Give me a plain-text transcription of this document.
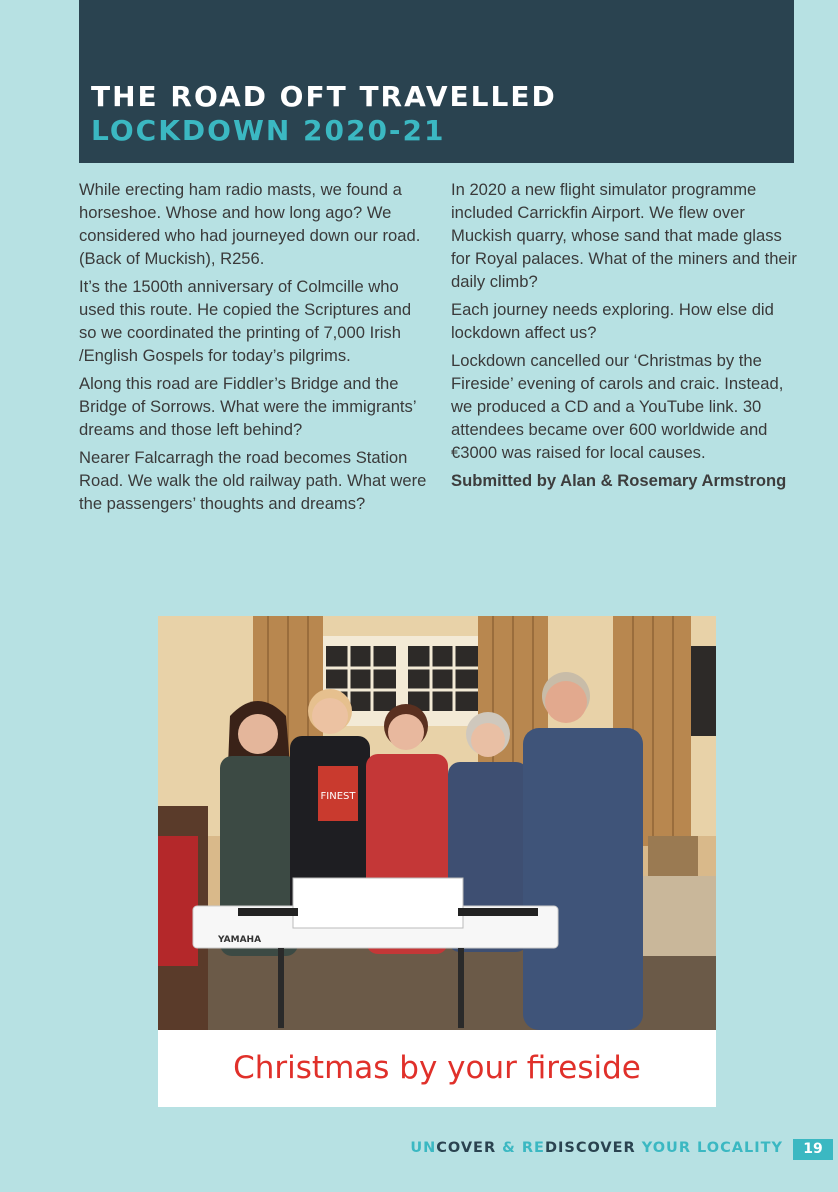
THE ROAD OFT TRAVELLED
LOCKDOWN 2020-21

While erecting ham radio masts, we found a horseshoe. Whose and how long ago? We considered who had journeyed down our road. (Back of Muckish), R256.

It’s the 1500th anniversary of Colmcille who used this route. He copied the Scriptures and so we coordinated the printing of 7,000 Irish /English Gospels for today’s pilgrims.

Along this road are Fiddler’s Bridge and the Bridge of Sorrows. What were the immigrants’ dreams and those left behind?

Nearer Falcarragh the road becomes Station Road. We walk the old railway path. What were the passengers’ thoughts and dreams?

In 2020 a new flight simulator programme included Carrickfin Airport. We flew over Muckish quarry, whose sand that made glass for Royal palaces. What of the miners and their daily climb?

Each journey needs exploring. How else did lockdown affect us?

Lockdown cancelled our ‘Christmas by the Fireside’ evening of carols and craic. Instead, we produced a CD and a YouTube link. 30 attendees became over 600 worldwide and €3000 was raised for local causes.

Submitted by Alan & Rosemary Armstrong

FINEST
YAMAHA
Christmas by your fireside
UNCOVER & REDISCOVER YOUR LOCALITY	19
